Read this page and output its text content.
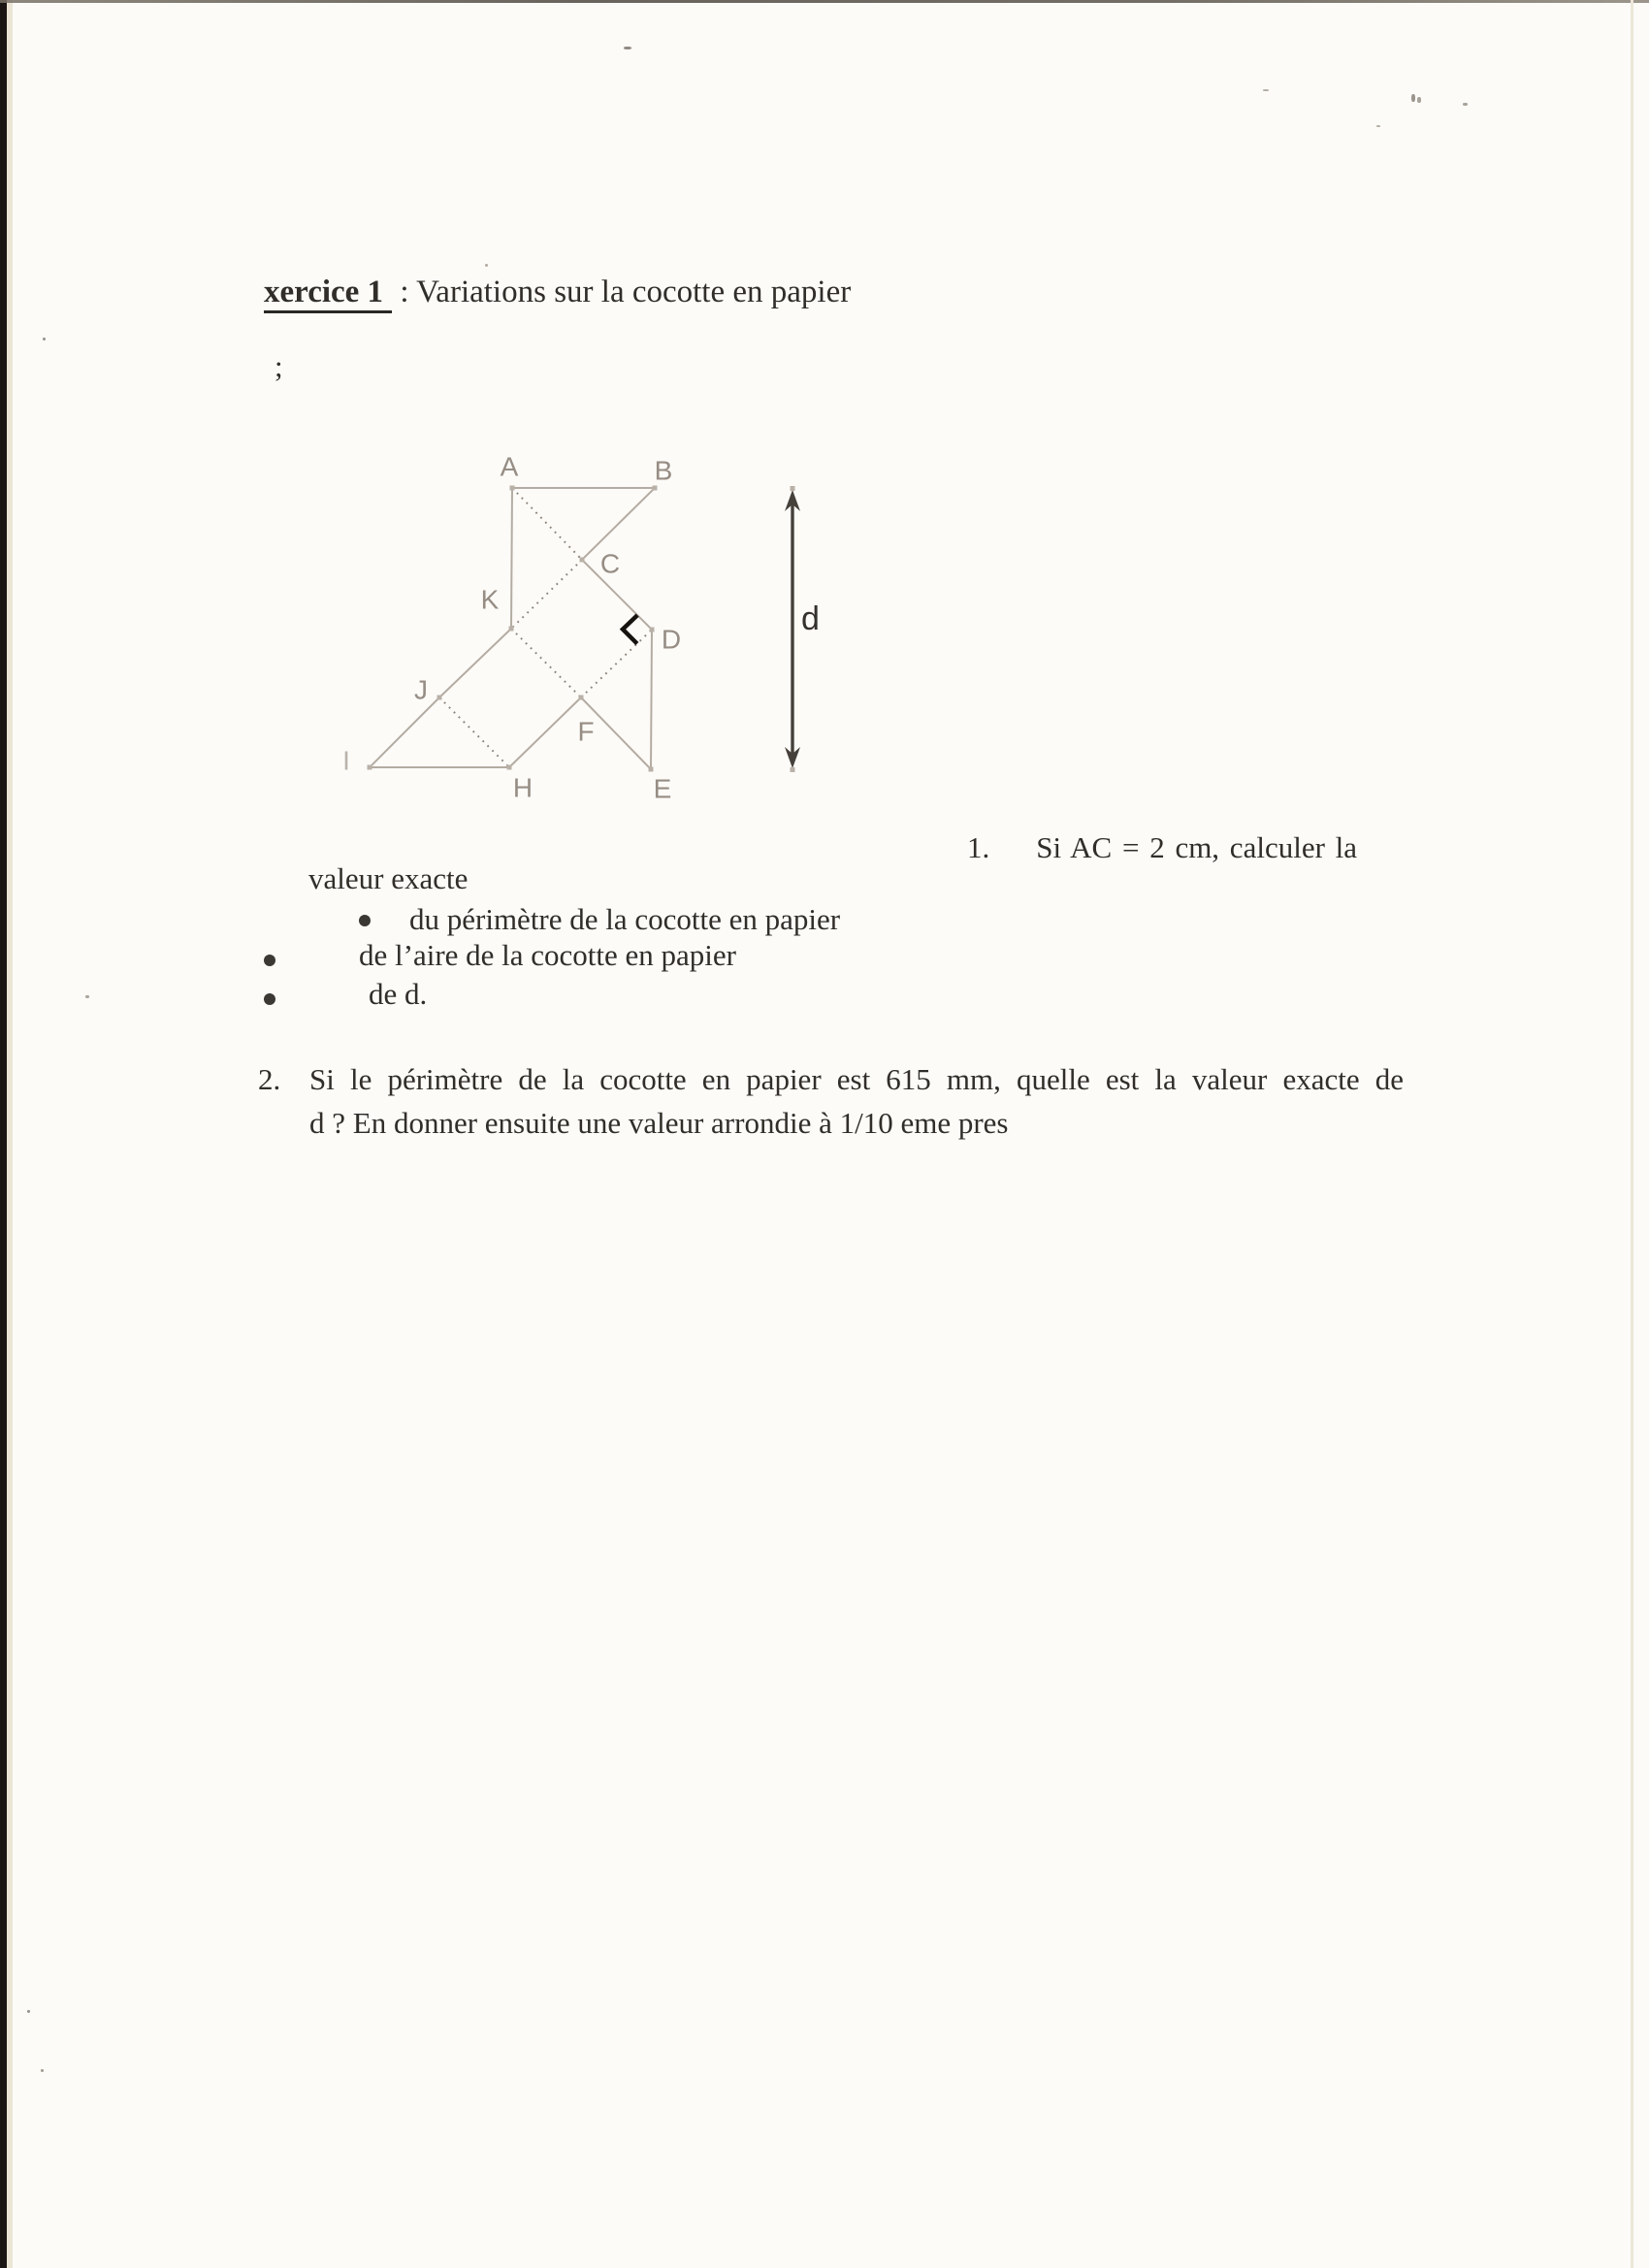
xercice 1 : Variations sur la cocotte en papier
;
A	B
C
D
E
F
H
I
J
K
d
1. Si AC = 2 cm, calculer la
valeur exacte
du périmètre de la cocotte en papier
de l’aire de la cocotte en papier
de d.
2. Si le périmètre de la cocotte en papier est 615 mm, quelle est la valeur exacte de
d ? En donner ensuite une valeur arrondie à 1/10 eme pres
